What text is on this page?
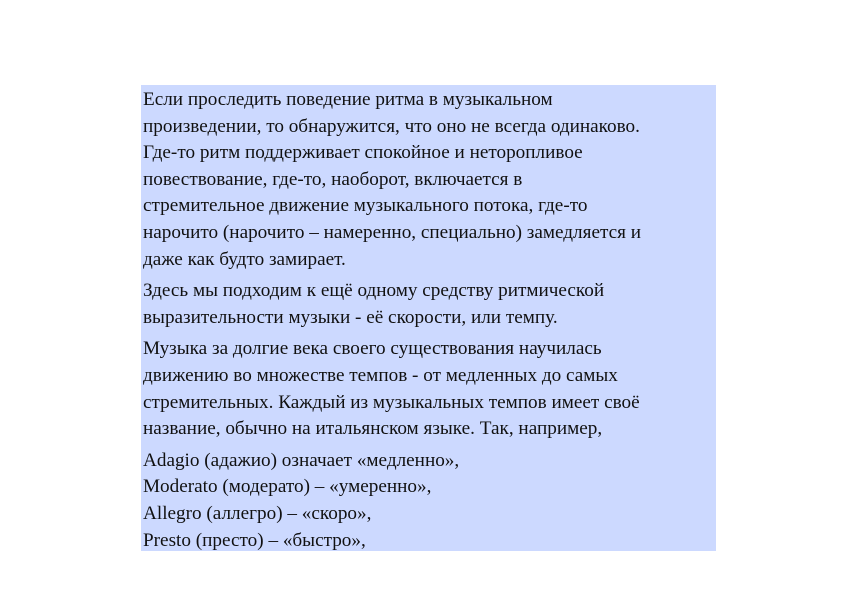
Если проследить поведение ритма в музыкальном
произведении, то обнаружится, что оно не всегда одинаково.
Где-то ритм поддерживает спокойное и неторопливое
повествование, где-то, наоборот, включается в
стремительное движение музыкального потока, где-то
нарочито (нарочито – намеренно, специально) замедляется и
даже как будто замирает.

Здесь мы подходим к ещё одному средству ритмической
выразительности музыки - её скорости, или темпу.

Музыка за долгие века своего существования научилась
движению во множестве темпов - от медленных до самых
стремительных. Каждый из музыкальных темпов имеет своё
название, обычно на итальянском языке. Так, например,

Adagio (адажио) означает «медленно»,
Moderato (модерато) – «умеренно»,
Allegro (аллегро) – «скоро»,
Presto (престо) – «быстро»,
